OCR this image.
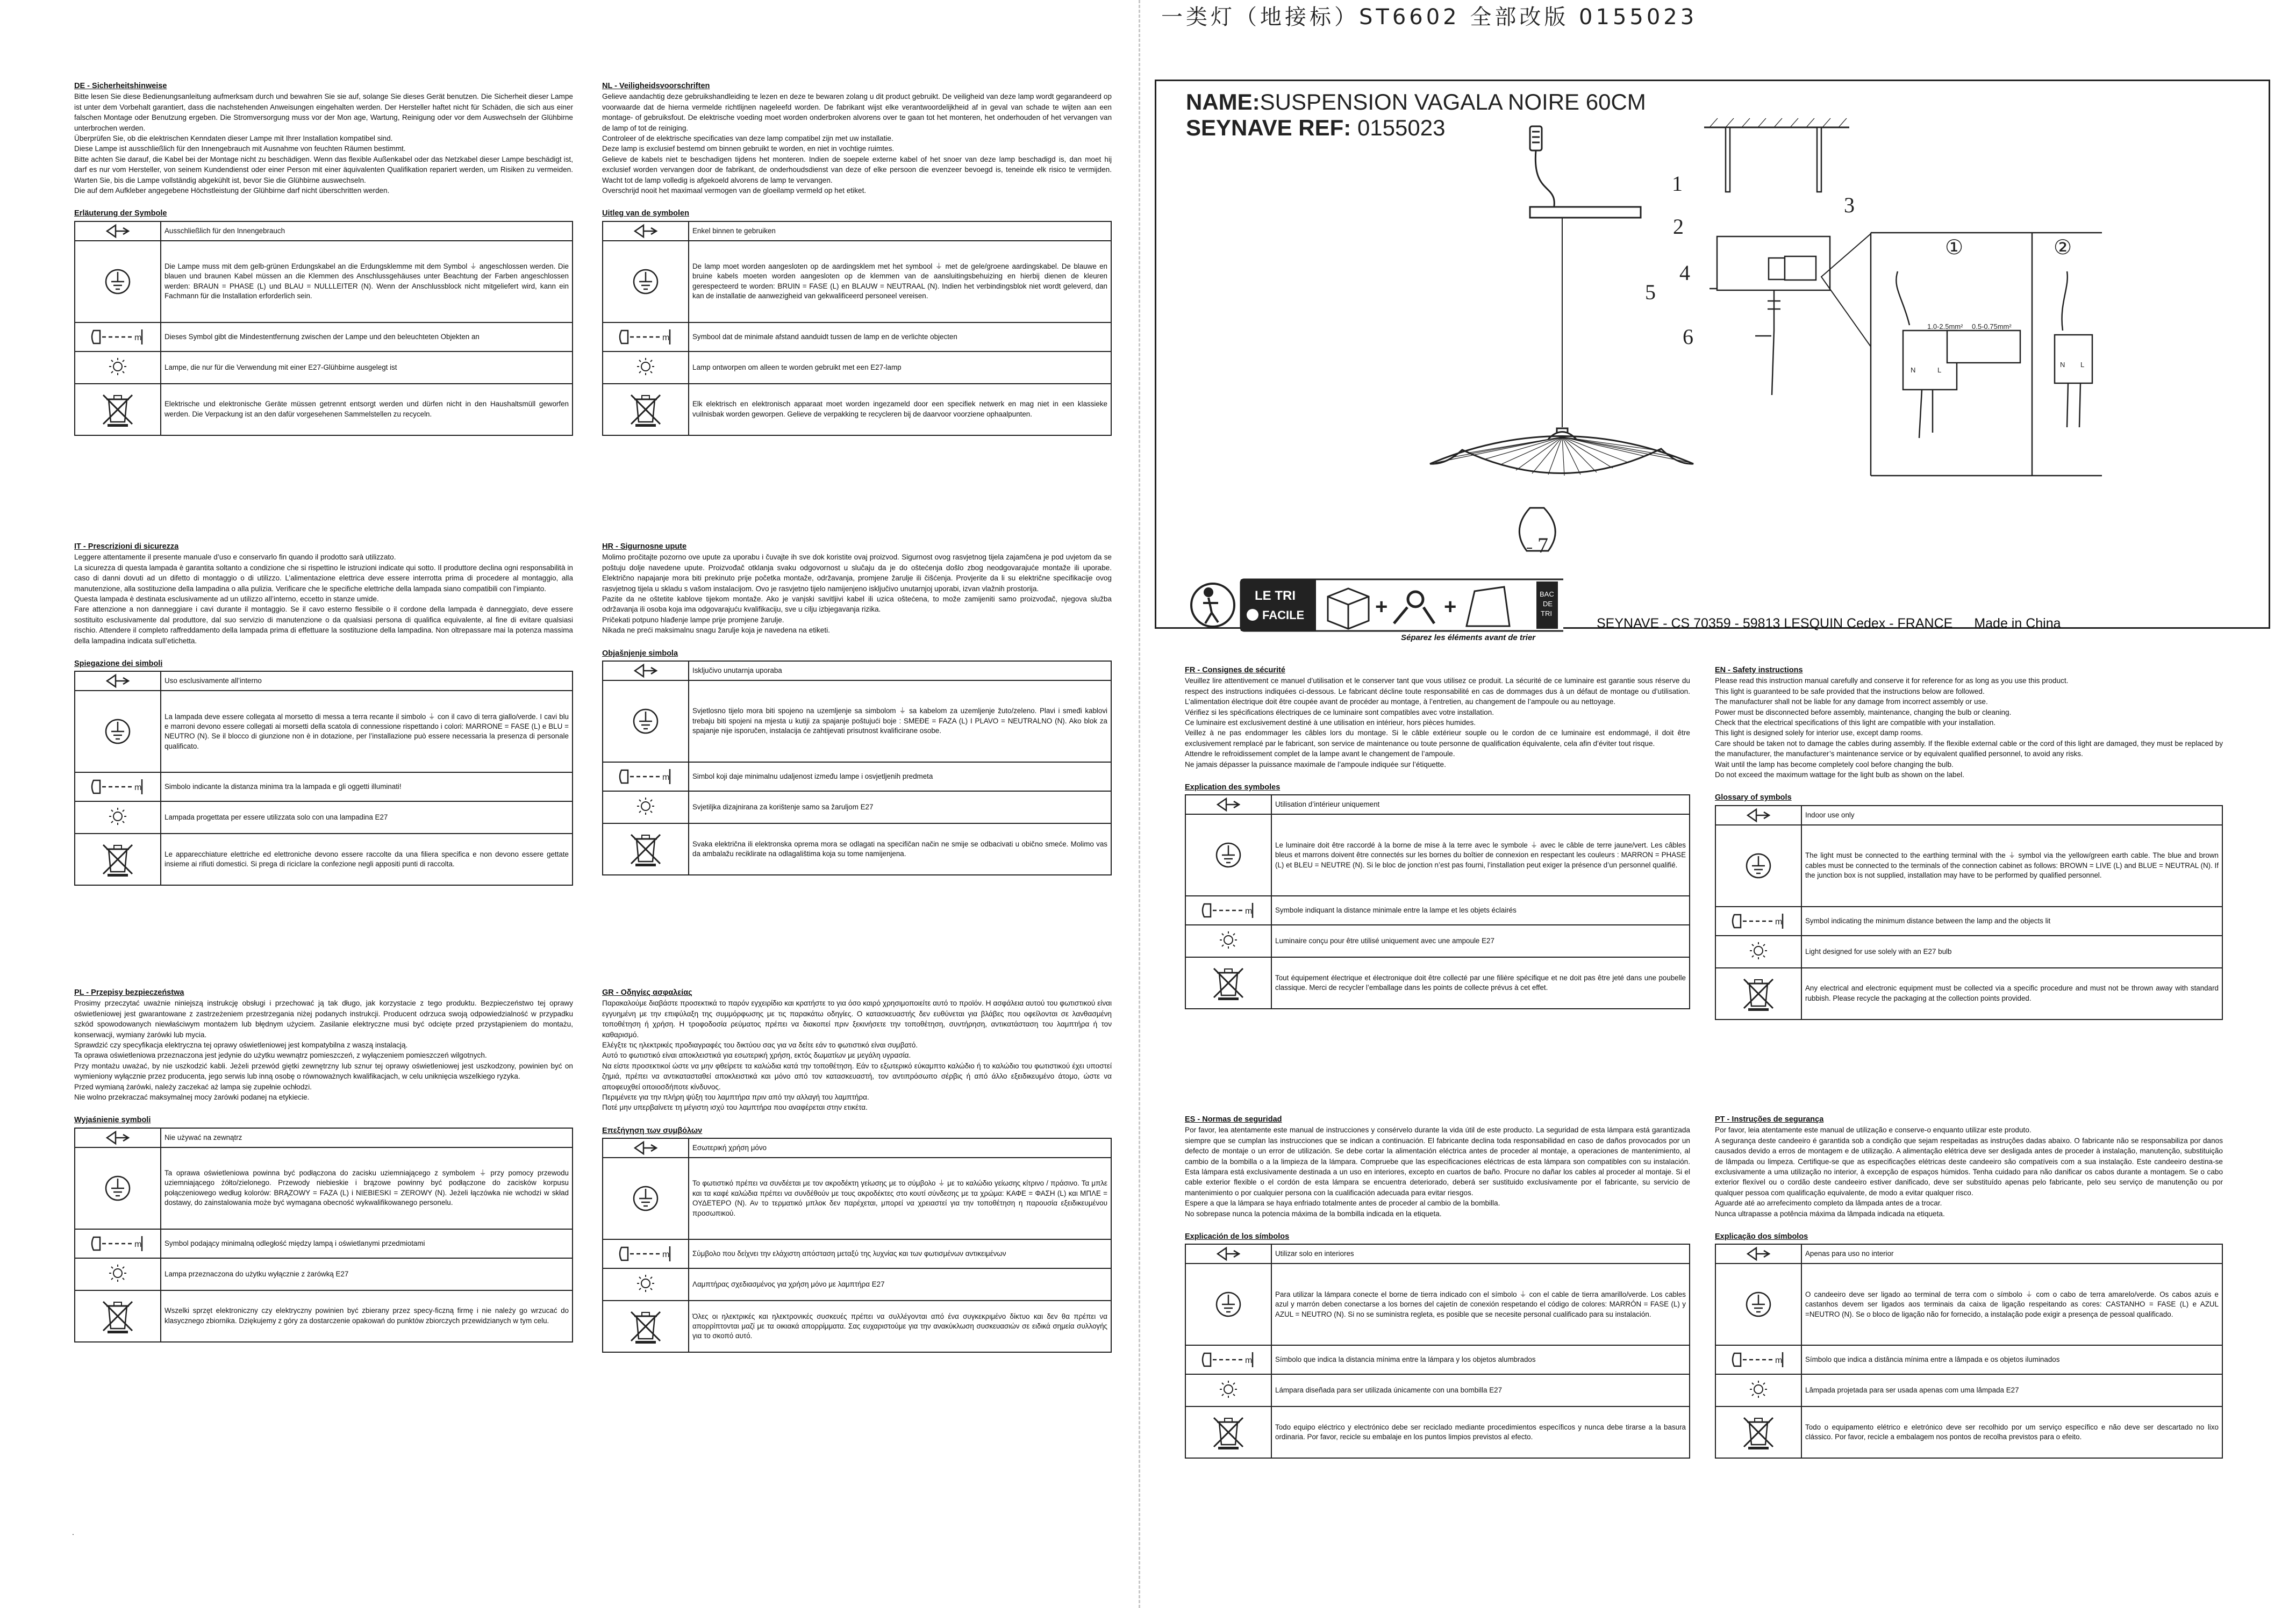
一类灯（地接标）ST6602 全部改版 0155023
DE - Sicherheitshinweise

Bitte lesen Sie diese Bedienungsanleitung aufmerksam durch und bewahren Sie sie auf, solange Sie dieses Gerät benutzen. Die Sicherheit dieser Lampe ist unter dem Vorbehalt garantiert, dass die nachstehenden Anweisungen eingehalten werden. Der Hersteller haftet nicht für Schäden, die sich aus einer falschen Montage oder Benutzung ergeben. Die Stromversorgung muss vor der Mon age, Wartung, Reinigung oder vor dem Auswechseln der Glühbirne unterbrochen werden.

Überprüfen Sie, ob die elektrischen Kenndaten dieser Lampe mit Ihrer Installation kompatibel sind.

Diese Lampe ist ausschließlich für den Innengebrauch mit Ausnahme von feuchten Räumen bestimmt.

Bitte achten Sie darauf, die Kabel bei der Montage nicht zu beschädigen. Wenn das flexible Außenkabel oder das Netzkabel dieser Lampe beschädigt ist, darf es nur vom Hersteller, von seinem Kundendienst oder einer Person mit einer äquivalenten Qualifikation repariert werden, um Risiken zu vermeiden. Warten Sie, bis die Lampe vollständig abgekühlt ist, bevor Sie die Glühbirne auswechseln.

Die auf dem Aufkleber angegebene Höchstleistung der Glühbirne darf nicht überschritten werden.

Erläuterung der Symbole
	Ausschließlich für den Innengebrauch

	Die Lampe muss mit dem gelb-grünen Erdungskabel an die Erdungsklemme mit dem Symbol ⏚ angeschlossen werden. Die blauen und braunen Kabel müssen an die Klemmen des Anschlussgehäuses unter Beachtung der Farben angeschlossen werden: BRAUN = PHASE (L) und BLAU = NULLLEITER (N). Wenn der Anschlussblock nicht mitgeliefert wird, kann ein Fachmann für die Installation erforderlich sein.

m	Dieses Symbol gibt die Mindestentfernung zwischen der Lampe und den beleuchteten Objekten an

	Lampe, die nur für die Verwendung mit einer E27-Glühbirne ausgelegt ist

	Elektrische und elektronische Geräte müssen getrennt entsorgt werden und dürfen nicht in den Haushaltsmüll geworfen werden. Die Verpackung ist an den dafür vorgesehenen Sammelstellen zu recyceln.
NL - Veiligheidsvoorschriften

Gelieve aandachtig deze gebruikshandleiding te lezen en deze te bewaren zolang u dit product gebruikt. De veiligheid van deze lamp wordt gegarandeerd op voorwaarde dat de hierna vermelde richtlijnen nageleefd worden. De fabrikant wijst elke verantwoordelijkheid af in geval van schade te wijten aan een montage- of gebruiksfout. De elektrische voeding moet worden onderbroken alvorens over te gaan tot het monteren, het onderhouden of het vervangen van de lamp of tot de reiniging.

Controleer of de elektrische specificaties van deze lamp compatibel zijn met uw installatie.

Deze lamp is exclusief bestemd om binnen gebruikt te worden, en niet in vochtige ruimtes.

Gelieve de kabels niet te beschadigen tijdens het monteren. Indien de soepele externe kabel of het snoer van deze lamp beschadigd is, dan moet hij exclusief worden vervangen door de fabrikant, de onderhoudsdienst van deze of elke persoon die evenzeer bevoegd is, teneinde elk risico te vermijden. Wacht tot de lamp volledig is afgekoeld alvorens de lamp te vervangen.

Overschrijd nooit het maximaal vermogen van de gloeilamp vermeld op het etiket.

Uitleg van de symbolen
	Enkel binnen te gebruiken

	De lamp moet worden aangesloten op de aardingsklem met het symbool ⏚ met de gele/groene aardingskabel. De blauwe en bruine kabels moeten worden aangesloten op de klemmen van de aansluitingsbehuizing en hierbij dienen de kleuren gerespecteerd te worden: BRUIN = FASE (L) en BLAUW = NEUTRAAL (N). Indien het verbindingsblok niet wordt geleverd, dan kan de installatie de aanwezigheid van gekwalificeerd personeel vereisen.

m	Symbool dat de minimale afstand aanduidt tussen de lamp en de verlichte objecten

	Lamp ontworpen om alleen te worden gebruikt met een E27-lamp

	Elk elektrisch en elektronisch apparaat moet worden ingezameld door een specifiek netwerk en mag niet in een klassieke vuilnisbak worden geworpen. Gelieve de verpakking te recycleren bij de daarvoor voorziene ophaalpunten.
IT - Prescrizioni di sicurezza

Leggere attentamente il presente manuale d’uso e conservarlo fin quando il prodotto sarà utilizzato.

La sicurezza di questa lampada è garantita soltanto a condizione che si rispettino le istruzioni indicate qui sotto. Il produttore declina ogni responsabilità in caso di danni dovuti ad un difetto di montaggio o di utilizzo. L’alimentazione elettrica deve essere interrotta prima di procedere al montaggio, alla manutenzione, alla sostituzione della lampadina o alla pulizia. Verificare che le specifiche elettriche della lampada siano compatibili con l’impianto.

Questa lampada è destinata esclusivamente ad un utilizzo all’interno, eccetto in stanze umide.

Fare attenzione a non danneggiare i cavi durante il montaggio. Se il cavo esterno flessibile o il cordone della lampada è danneggiato, deve essere sostituito esclusivamente dal produttore, dal suo servizio di manutenzione o da qualsiasi persona di qualifica equivalente, al fine di evitare qualsiasi rischio. Attendere il completo raffreddamento della lampada prima di effettuare la sostituzione della lampadina. Non oltrepassare mai la potenza massima della lampadina indicata sull’etichetta.

Spiegazione dei simboli
	Uso esclusivamente all’interno

	La lampada deve essere collegata al morsetto di messa a terra recante il simbolo ⏚ con il cavo di terra giallo/verde. I cavi blu e marroni devono essere collegati ai morsetti della scatola di connessione rispettando i colori: MARRONE = FASE (L) e BLU = NEUTRO (N). Se il blocco di giunzione non è in dotazione, per l’installazione può essere necessaria la presenza di personale qualificato.

m	Simbolo indicante la distanza minima tra la lampada e gli oggetti illuminati!

	Lampada progettata per essere utilizzata solo con una lampadina E27

	Le apparecchiature elettriche ed elettroniche devono essere raccolte da una filiera specifica e non devono essere gettate insieme ai rifiuti domestici. Si prega di riciclare la confezione negli appositi punti di raccolta.
HR - Sigurnosne upute

Molimo pročitajte pozorno ove upute za uporabu i čuvajte ih sve dok koristite ovaj proizvod. Sigurnost ovog rasvjetnog tijela zajamčena je pod uvjetom da se poštuju dolje navedene upute. Proizvođač otklanja svaku odgovornost u slučaju da je do oštećenja došlo zbog neodgovarajuće montaže ili uporabe. Električno napajanje mora biti prekinuto prije početka montaže, održavanja, promjene žarulje ili čišćenja. Provjerite da li su električne specifikacije ovog rasvjetnog tijela u skladu s vašom instalacijom. Ovo je rasvjetno tijelo namijenjeno isključivo unutarnjoj uporabi, izvan vlažnih prostorija.

Pazite da ne oštetite kablove tijekom montaže. Ako je vanjski savitljivi kabel ili uzica oštećena, to može zamijeniti samo proizvođač, njegova služba održavanja ili osoba koja ima odgovarajuću kvalifikaciju, sve u cilju izbjegavanja rizika.

Pričekati potpuno hlađenje lampe prije promjene žarulje.

Nikada ne preći maksimalnu snagu žarulje koja je navedena na etiketi.

Objašnjenje simbola
	Isključivo unutarnja uporaba

	Svjetlosno tijelo mora biti spojeno na uzemljenje sa simbolom ⏚ sa kabelom za uzemljenje žuto/zeleno. Plavi i smeđi kablovi trebaju biti spojeni na mjesta u kutiji za spajanje poštujući boje : SMEĐE = FAZA (L) I PLAVO = NEUTRALNO (N). Ako blok za spajanje nije isporučen, instalacija će zahtijevati prisutnost kvalificirane osobe.

m	Simbol koji daje minimalnu udaljenost između lampe i osvjetljenih predmeta

	Svjetiljka dizajnirana za korištenje samo sa žaruljom E27

	Svaka električna ili elektronska oprema mora se odlagati na specifičan način ne smije se odbacivati u obično smeće. Molimo vas da ambalažu reciklirate na odlagalištima koja su tome namijenjena.
PL - Przepisy bezpieczeństwa

Prosimy przeczytać uważnie niniejszą instrukcję obsługi i przechować ją tak długo, jak korzystacie z tego produktu. Bezpieczeństwo tej oprawy oświetleniowej jest gwarantowane z zastrzeżeniem przestrzegania niżej podanych instrukcji. Producent odrzuca swoją odpowiedzialność w przypadku szkód spowodowanych niewłaściwym montażem lub błędnym użyciem. Zasilanie elektryczne musi być odcięte przed przystąpieniem do montażu, konserwacji, wymiany żarówki lub mycia.

Sprawdzić czy specyfikacja elektryczna tej oprawy oświetleniowej jest kompatybilna z waszą instalacją.

Ta oprawa oświetleniowa przeznaczona jest jedynie do użytku wewnątrz pomieszczeń, z wyłączeniem pomieszczeń wilgotnych.

Przy montażu uważać, by nie uszkodzić kabli. Jeżeli przewód giętki zewnętrzny lub sznur tej oprawy oświetleniowej jest uszkodzony, powinien być on wymieniony wyłącznie przez producenta, jego serwis lub inną osobę o równoważnych kwalifikacjach, w celu uniknięcia wszelkiego ryzyka.

Przed wymianą żarówki, należy zaczekać aż lampa się zupełnie ochłodzi.

Nie wolno przekraczać maksymalnej mocy żarówki podanej na etykiecie.

Wyjaśnienie symboli
	Nie używać na zewnątrz

	Ta oprawa oświetleniowa powinna być podłączona do zacisku uziemniającego z symbolem ⏚ przy pomocy przewodu uziemniającego żółto/zielonego. Przewody niebieskie i brązowe powinny być podłączone do zacisków korpusu połączeniowego według kolorów: BRĄZOWY = FAZA (L) i NIEBIESKI = ZEROWY (N). Jeżeli łączówka nie wchodzi w skład dostawy, do zainstalowania może być wymagana obecność wykwalifikowanego personelu.

m	Symbol podający minimalną odległość między lampą i oświetlanymi przedmiotami

	Lampa przeznaczona do użytku wyłącznie z żarówką E27

	Wszelki sprzęt elektroniczny czy elektryczny powinien być zbierany przez specy-ficzną firmę i nie należy go wrzucać do klasycznego zbiornika. Dziękujemy z góry za dostarczenie opakowań do punktów zbiorczych przewidzianych w tym celu.
GR - Οδηγίες ασφαλείας

Παρακαλούμε διαβάστε προσεκτικά το παρόν εγχειρίδιο και κρατήστε το για όσο καιρό χρησιμοποιείτε αυτό το προϊόν. Η ασφάλεια αυτού του φωτιστικού είναι εγγυημένη με την επιφύλαξη της συμμόρφωσης με τις παρακάτω οδηγίες. Ο κατασκευαστής δεν ευθύνεται για βλάβες που οφείλονται σε λανθασμένη τοποθέτηση ή χρήση. Η τροφοδοσία ρεύματος πρέπει να διακοπεί πριν ξεκινήσετε την τοποθέτηση, συντήρηση, αντικατάσταση του λαμπτήρα ή τον καθαρισμό.

Ελέγξτε τις ηλεκτρικές προδιαγραφές του δικτύου σας για να δείτε εάν το φωτιστικό είναι συμβατό.

Αυτό το φωτιστικό είναι αποκλειστικά για εσωτερική χρήση, εκτός δωματίων με μεγάλη υγρασία.

Να είστε προσεκτικοί ώστε να μην φθείρετε τα καλώδια κατά την τοποθέτηση. Εάν το εξωτερικό εύκαμπτο καλώδιο ή το καλώδιο του φωτιστικού έχει υποστεί ζημιά, πρέπει να αντικατασταθεί αποκλειστικά και μόνο από τον κατασκευαστή, τον αντιπρόσωπο σέρβις ή από άλλο εξειδικευμένο άτομο, ώστε να αποφευχθεί οποιοσδήποτε κίνδυνος.

Περιμένετε για την πλήρη ψύξη του λαμπτήρα πριν από την αλλαγή του λαμπτήρα.

Ποτέ μην υπερβαίνετε τη μέγιστη ισχύ του λαμπτήρα που αναφέρεται στην ετικέτα.

Επεξήγηση των συμβόλων
	Εσωτερική χρήση μόνο

	Το φωτιστικό πρέπει να συνδέεται με τον ακροδέκτη γείωσης με το σύμβολο ⏚ με το καλώδιο γείωσης κίτρινο / πράσινο. Τα μπλε και τα καφέ καλώδια πρέπει να συνδέθούν με τους ακροδέκτες στο κουτί σύνδεσης με τα χρώμα: ΚΑΦΕ = ΦΑΣΗ (L) και ΜΠΛΕ = ΟΥΔΕΤΕΡΟ (N). Αν το τερματικό μπλοκ δεν παρέχεται, μπορεί να χρειαστεί για την τοποθέτηση η παρουσία εξειδικευμένου προσωπικού.

m	Σύμβολο που δείχνει την ελάχιστη απόσταση μεταξύ της λυχνίας και των φωτισμένων αντικειμένων

	Λαμπτήρας σχεδιασμένος για χρήση μόνο με λαμπτήρα E27

	Όλες οι ηλεκτρικές και ηλεκτρονικές συσκευές πρέπει να συλλέγονται από ένα συγκεκριμένο δίκτυο και δεν θα πρέπει να απορρίπτονται μαζί με τα οικιακά απορρίμματα. Σας ευχαριστούμε για την ανακύκλωση συσκευασιών σε ειδικά σημεία συλλογής για το σκοπό αυτό.
FR - Consignes de sécurité

Veuillez lire attentivement ce manuel d’utilisation et le conserver tant que vous utilisez ce produit. La sécurité de ce luminaire est garantie sous réserve du respect des instructions indiquées ci-dessous. Le fabricant décline toute responsabilité en cas de dommages dus à un défaut de montage ou d’utilisation. L’alimentation électrique doit être coupée avant de procéder au montage, à l’entretien, au changement de l’ampoule ou au nettoyage.

Vérifiez si les spécifications électriques de ce luminaire sont compatibles avec votre installation.

Ce luminaire est exclusivement destiné à une utilisation en intérieur, hors pièces humides.

Veillez à ne pas endommager les câbles lors du montage. Si le câble extérieur souple ou le cordon de ce luminaire est endommagé, il doit être exclusivement remplacé par le fabricant, son service de maintenance ou toute personne de qualification équivalente, cela afin d’éviter tout risque.

Attendre le refroidissement complet de la lampe avant le changement de l’ampoule.

Ne jamais dépasser la puissance maximale de l’ampoule indiquée sur l’étiquette.

Explication des symboles
	Utilisation d’intérieur uniquement

	Le luminaire doit être raccordé à la borne de mise à la terre avec le symbole ⏚ avec le câble de terre jaune/vert. Les câbles bleus et marrons doivent être connectés sur les bornes du boîtier de connexion en respectant les couleurs : MARRON = PHASE (L) et BLEU = NEUTRE (N). Si le bloc de jonction n’est pas fourni, l’installation peut exiger la présence d’un personnel qualifié.

m	Symbole indiquant la distance minimale entre la lampe et les objets éclairés

	Luminaire conçu pour être utilisé uniquement avec une ampoule E27

	Tout équipement électrique et électronique doit être collecté par une filière spécifique et ne doit pas être jeté dans une poubelle classique. Merci de recycler l’emballage dans les points de collecte prévus à cet effet.
EN - Safety instructions

Please read this instruction manual carefully and conserve it for reference for as long as you use this product.

This light is guaranteed to be safe provided that the instructions below are followed.

The manufacturer shall not be liable for any damage from incorrect assembly or use.

Power must be disconnected before assembly, maintenance, changing the bulb or cleaning.

Check that the electrical specifications of this light are compatible with your installation.

This light is designed solely for interior use, except damp rooms.

Care should be taken not to damage the cables during assembly. If the flexible external cable or the cord of this light are damaged, they must be replaced by the manufacturer, the manufacturer’s maintenance service or by equivalent qualified personnel, to avoid any risks.

Wait until the lamp has become completely cool before changing the bulb.

Do not exceed the maximum wattage for the light bulb as shown on the label.

Glossary of symbols
	Indoor use only

	The light must be connected to the earthing terminal with the ⏚ symbol via the yellow/green earth cable. The blue and brown cables must be connected to the terminals of the connection cabinet as follows: BROWN = LIVE (L) and BLUE = NEUTRAL (N). If the junction box is not supplied, installation may have to be performed by qualified personnel.

m	Symbol indicating the minimum distance between the lamp and the objects lit

	Light designed for use solely with an E27 bulb

	Any electrical and electronic equipment must be collected via a specific procedure and must not be thrown away with standard rubbish. Please recycle the packaging at the collection points provided.
ES - Normas de seguridad

Por favor, lea atentamente este manual de instrucciones y consérvelo durante la vida útil de este producto. La seguridad de esta lámpara está garantizada siempre que se cumplan las instrucciones que se indican a continuación. El fabricante declina toda responsabilidad en caso de daños provocados por un defecto de montaje o un error de utilización. Se debe cortar la alimentación eléctrica antes de proceder al montaje, a operaciones de mantenimiento, al cambio de la bombilla o a la limpieza de la lámpara. Compruebe que las especificaciones eléctricas de esta lámpara son compatibles con su instalación. Esta lámpara está exclusivamente destinada a un uso en interiores, excepto en cuartos de baño. Procure no dañar los cables al proceder al montaje. Si el cable exterior flexible o el cordón de esta lámpara se encuentra deteriorado, deberá ser sustituido exclusivamente por el fabricante, su servicio de mantenimiento o por cualquier persona con la cualificación adecuada para evitar riesgos.

Espere a que la lámpara se haya enfriado totalmente antes de proceder al cambio de la bombilla.

No sobrepase nunca la potencia máxima de la bombilla indicada en la etiqueta.

Explicación de los símbolos
	Utilizar solo en interiores

	Para utilizar la lámpara conecte el borne de tierra indicado con el símbolo ⏚ con el cable de tierra amarillo/verde. Los cables azul y marrón deben conectarse a los bornes del cajetín de conexión respetando el código de colores: MARRÓN = FASE (L) y AZUL = NEUTRO (N). Si no se suministra regleta, es posible que se necesite personal cualificado para su instalación.

m	Símbolo que indica la distancia mínima entre la lámpara y los objetos alumbrados

	Lámpara diseñada para ser utilizada únicamente con una bombilla E27

	Todo equipo eléctrico y electrónico debe ser reciclado mediante procedimientos específicos y nunca debe tirarse a la basura ordinaria. Por favor, recicle su embalaje en los puntos limpios previstos al efecto.
PT - Instruções de segurança

Por favor, leia atentamente este manual de utilização e conserve-o enquanto utilizar este produto.

A segurança deste candeeiro é garantida sob a condição que sejam respeitadas as instruções dadas abaixo. O fabricante não se responsabiliza por danos causados devido a erros de montagem e de utilização. A alimentação elétrica deve ser desligada antes de proceder à instalação, manutenção, substituição de lâmpada ou limpeza. Certifique-se que as especificações elétricas deste candeeiro são compatíveis com a sua instalação. Este candeeiro destina-se exclusivamente a uma utilização no interior, à excepção de espaços húmidos. Tenha cuidado para não danificar os cabos durante a montagem. Se o cabo exterior flexível ou o cordão deste candeeiro estiver danificado, deve ser substituído apenas pelo fabricante, pelo seu serviço de manutenção ou por qualquer pessoa com qualificação equivalente, de modo a evitar qualquer risco.

Aguarde até ao arrefecimento completo da lâmpada antes de a trocar.

Nunca ultrapasse a potência máxima da lâmpada indicada na etiqueta.

Explicação dos símbolos
	Apenas para uso no interior

	O candeeiro deve ser ligado ao terminal de terra com o símbolo ⏚ com o cabo de terra amarelo/verde. Os cabos azuis e castanhos devem ser ligados aos terminais da caixa de ligação respeitando as cores: CASTANHO = FASE (L) e AZUL =NEUTRO (N). Se o bloco de ligação não for fornecido, a instalação pode exigir a presença de pessoal qualificado.

m	Símbolo que indica a distância mínima entre a lâmpada e os objetos iluminados

	Lâmpada projetada para ser usada apenas com uma lâmpada E27

	Todo o equipamento elétrico e eletrónico deve ser recolhido por um serviço específico e não deve ser descartado no lixo clássico. Por favor, recicle a embalagem nos pontos de recolha previstos para o efeito.
.
NAME:SUSPENSION VAGALA NOIRE 60CM
SEYNAVE REF: 0155023
7
1
2
3
4
5
6
①	②
1.0-2.5mm² 0.5-0.75mm²
N	L
N L
LE TRI
FACILE	+	+
BAC
DE
TRI
Séparez les éléments avant de trier
SEYNAVE - CS 70359 - 59813 LESQUIN Cedex - FRANCE Made in China
